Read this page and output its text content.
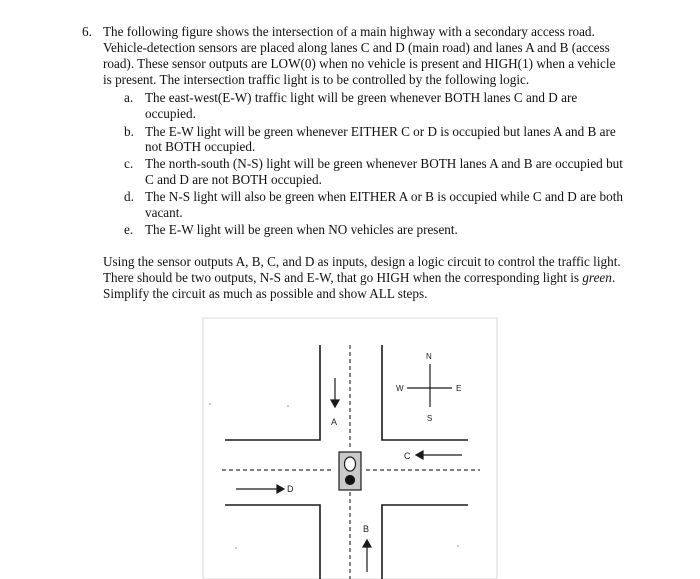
6. The following figure shows the intersection of a main highway with a secondary access road.
Vehicle-detection sensors are placed along lanes C and D (main road) and lanes A and B (access
road). These sensor outputs are LOW(0) when no vehicle is present and HIGH(1) when a vehicle
is present. The intersection traffic light is to be controlled by the following logic.
a. The east-west(E-W) traffic light will be green whenever BOTH lanes C and D are
occupied.
b. The E-W light will be green whenever EITHER C or D is occupied but lanes A and B are
not BOTH occupied.
c. The north-south (N-S) light will be green whenever BOTH lanes A and B are occupied but
C and D are not BOTH occupied.
d. The N-S light will also be green when EITHER A or B is occupied while C and D are both
vacant.
e. The E-W light will be green when NO vehicles are present.
Using the sensor outputs A, B, C, and D as inputs, design a logic circuit to control the traffic light.
There should be two outputs, N-S and E-W, that go HIGH when the corresponding light is green.
Simplify the circuit as much as possible and show ALL steps.
A
B
C
D
N
S
W	E
